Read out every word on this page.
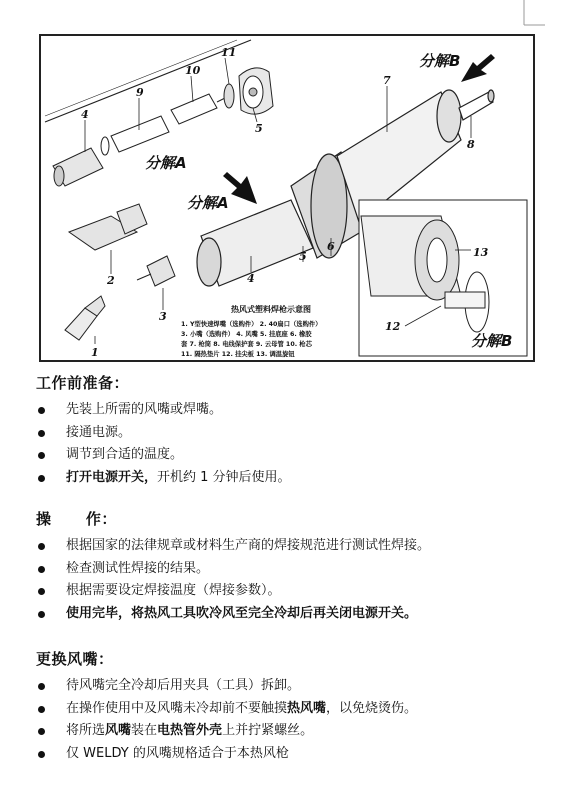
4
9
10
11
5
分解A
分解A
分解B
分解B
7
8
4
5
6
2
3
1
13
12
热风式塑料焊枪示意图
1. Y型快速焊嘴（选购件） 2. 40扁口（选购件）
3. 小嘴（选购件） 4. 风嘴 5. 挂底座 6. 橡胶
套 7. 枪筒 8. 电线保护套 9. 云母管 10. 枪芯
11. 隔热垫片 12. 挂尖板 13. 调温旋钮
工作前准备：
先装上所需的风嘴或焊嘴。
接通电源。
调节到合适的温度。
打开电源开关，开机约 1 分钟后使用。
操      作：
根据国家的法律规章或材料生产商的焊接规范进行测试性焊接。
检查测试性焊接的结果。
根据需要设定焊接温度（焊接参数）。
使用完毕，将热风工具吹冷风至完全冷却后再关闭电源开关。
更换风嘴：
待风嘴完全冷却后用夹具（工具）拆卸。
在操作使用中及风嘴未冷却前不要触摸热风嘴，以免烧烫伤。
将所选风嘴装在电热管外壳上并拧紧螺丝。
仅 WELDY 的风嘴规格适合于本热风枪
